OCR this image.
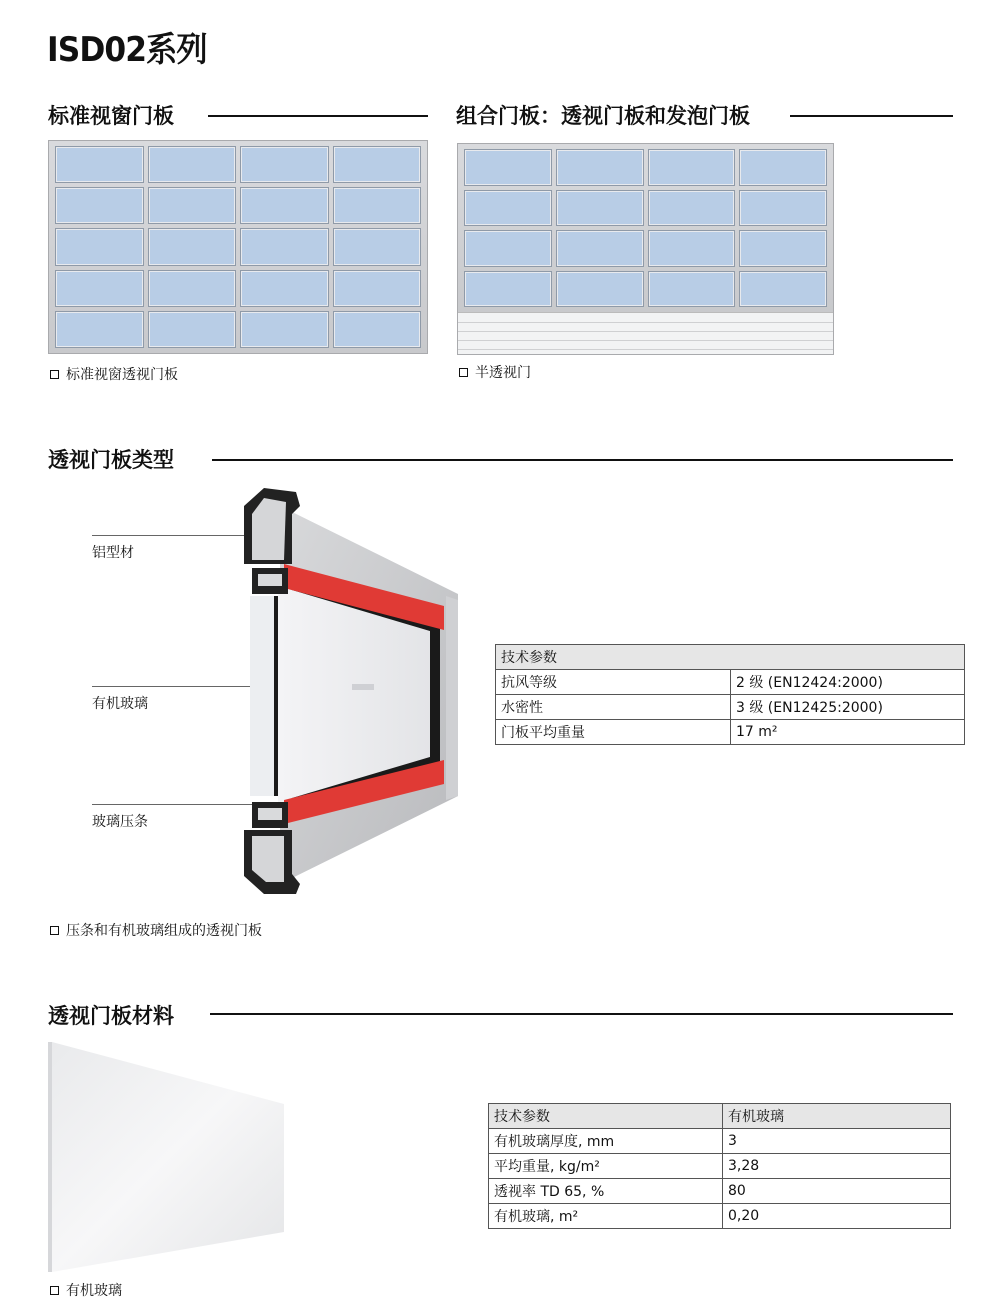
ISD02系列
标准视窗门板	组合门板：透视门板和发泡门板
标准视窗透视门板	半透视门
透视门板类型
铝型材
有机玻璃
玻璃压条
压条和有机玻璃组成的透视门板
技术参数	
抗风等级	2 级 (EN12424:2000)
水密性	3 级 (EN12425:2000)
门板平均重量	17 m²
透视门板材料
有机玻璃
技术参数	有机玻璃
有机玻璃厚度, mm	3
平均重量, kg/m²	3,28
透视率 TD 65, %	80
有机玻璃, m²	0,20
